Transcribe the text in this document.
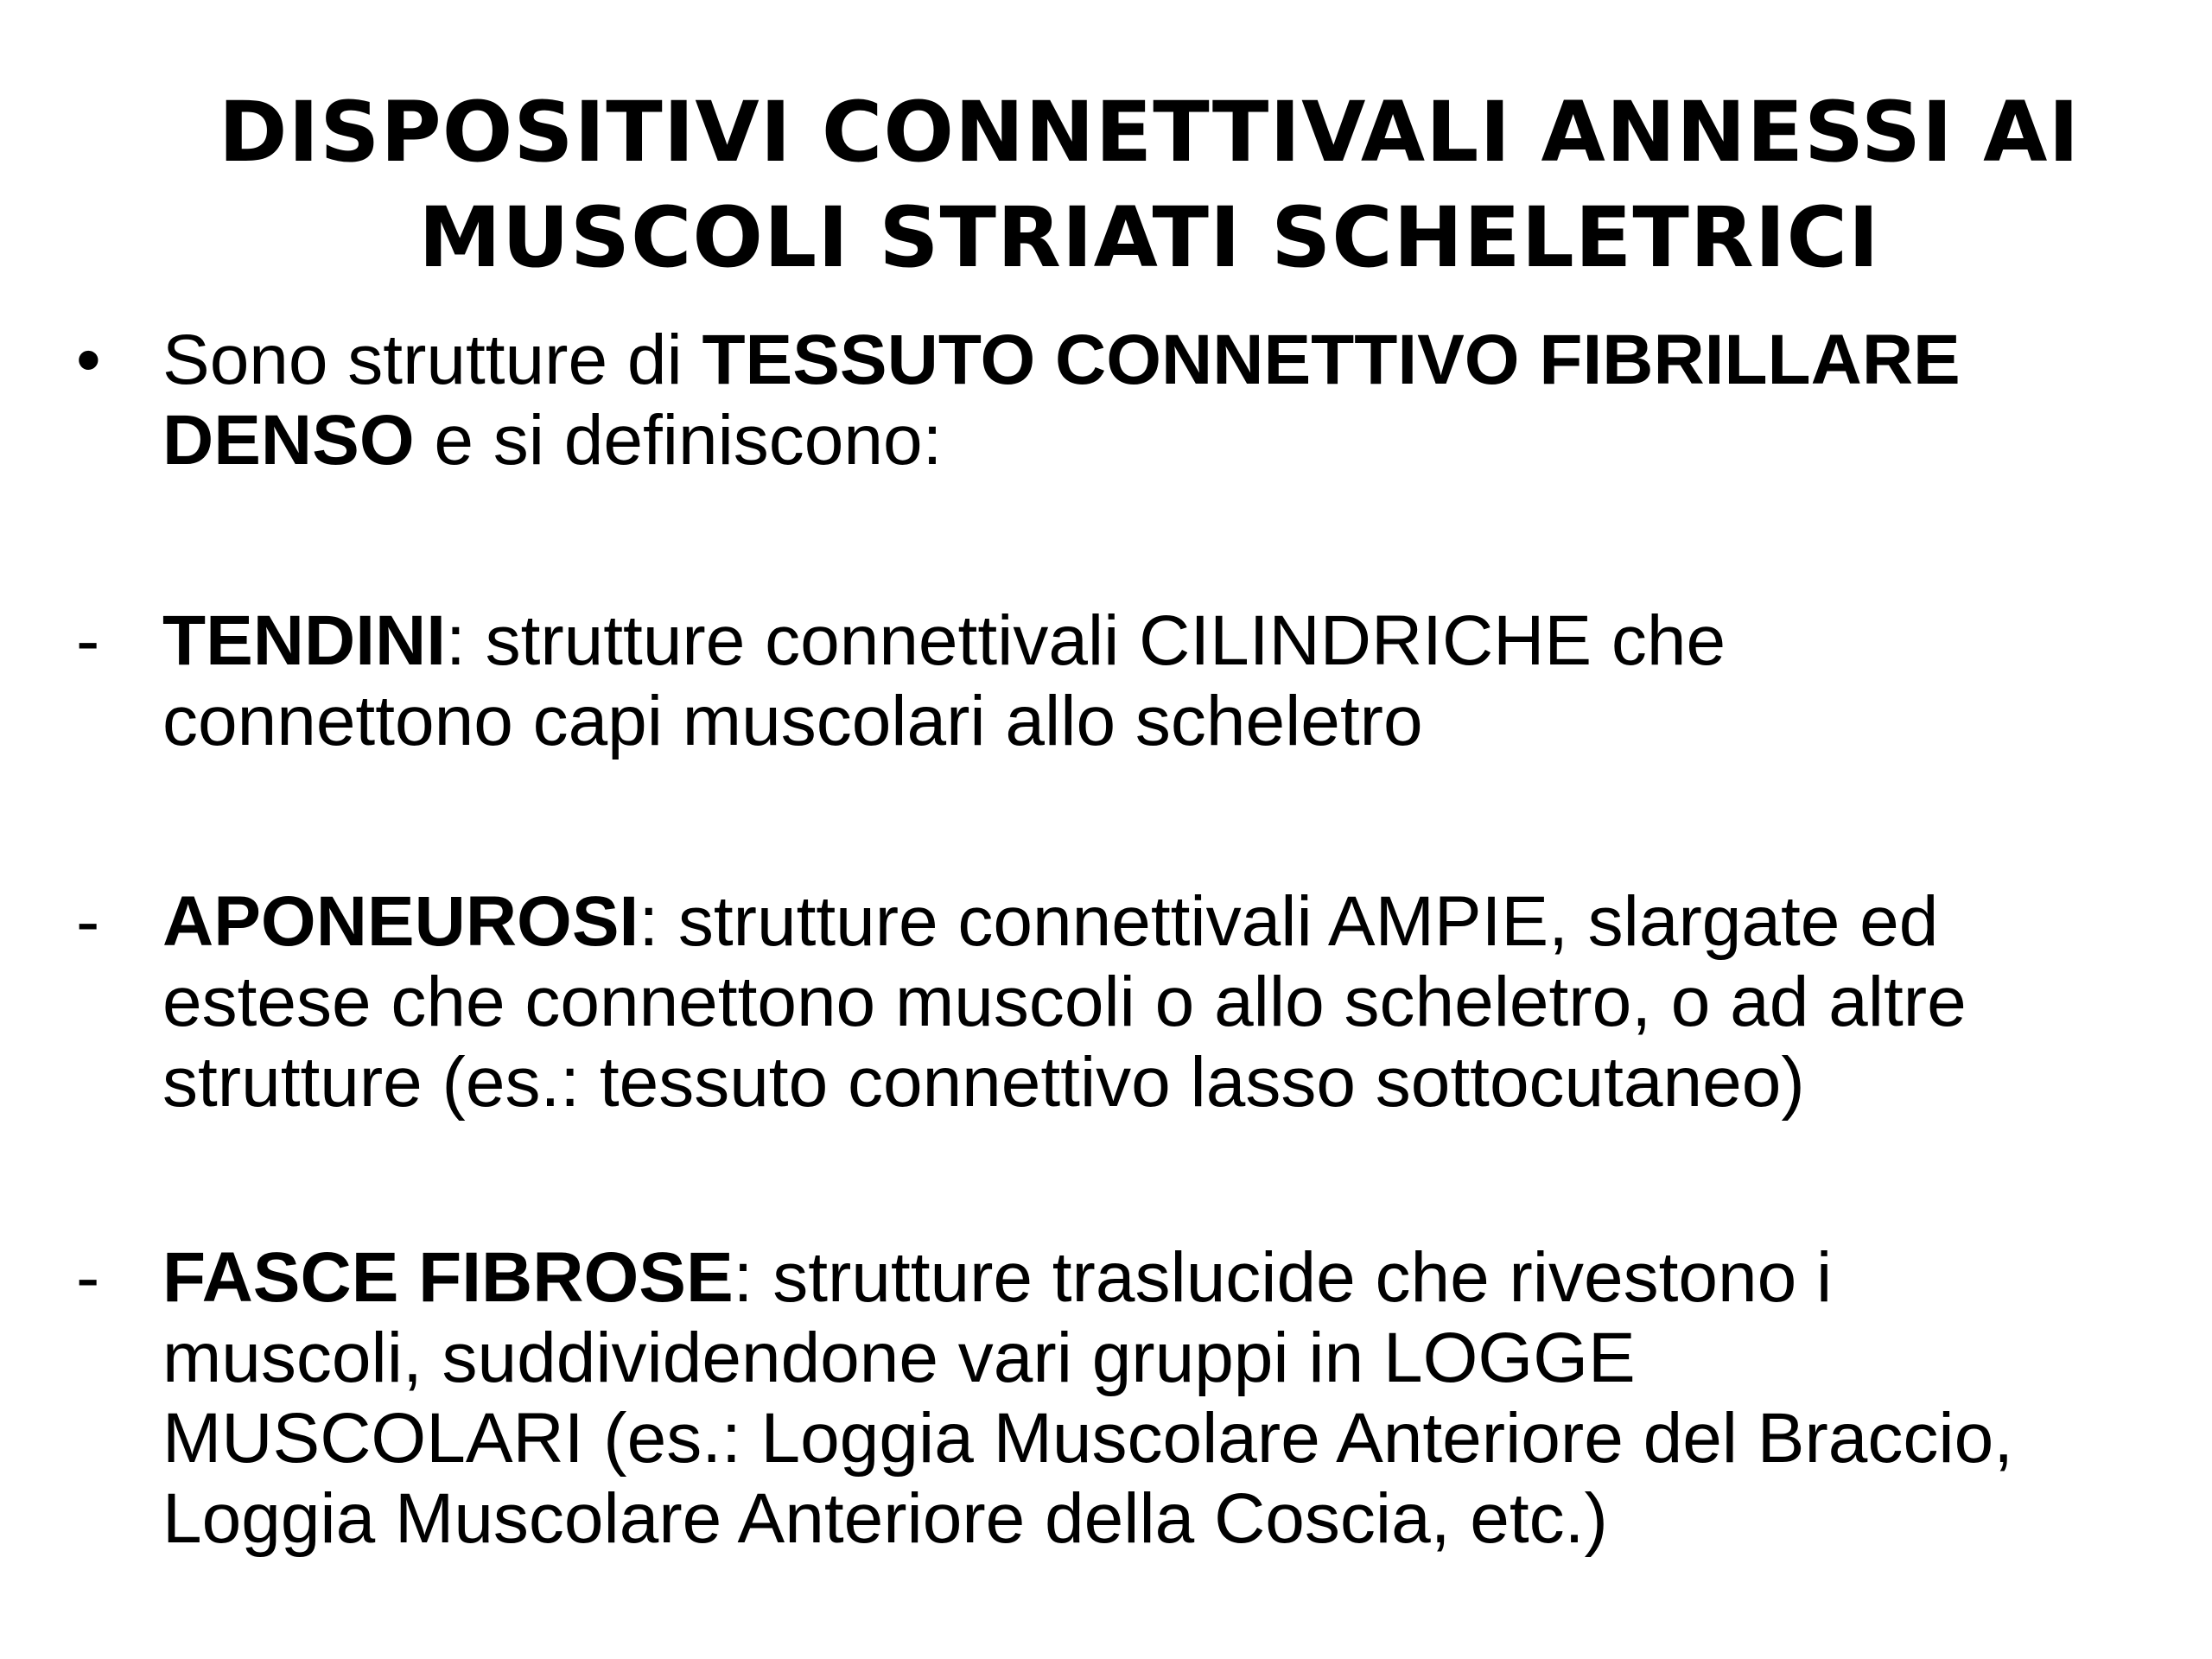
DISPOSITIVI CONNETTIVALI ANNESSI AI
MUSCOLI STRIATI SCHELETRICI
• Sono strutture di TESSUTO CONNETTIVO FIBRILLARE
DENSO e si definiscono:
- TENDINI: strutture connettivali CILINDRICHE che
connettono capi muscolari allo scheletro
- APONEUROSI: strutture connettivali AMPIE, slargate ed
estese che connettono muscoli o allo scheletro, o ad altre
strutture (es.: tessuto connettivo lasso sottocutaneo)
- FASCE FIBROSE: strutture traslucide che rivestono i
muscoli, suddividendone vari gruppi in LOGGE
MUSCOLARI (es.: Loggia Muscolare Anteriore del Braccio,
Loggia Muscolare Anteriore della Coscia, etc.)
